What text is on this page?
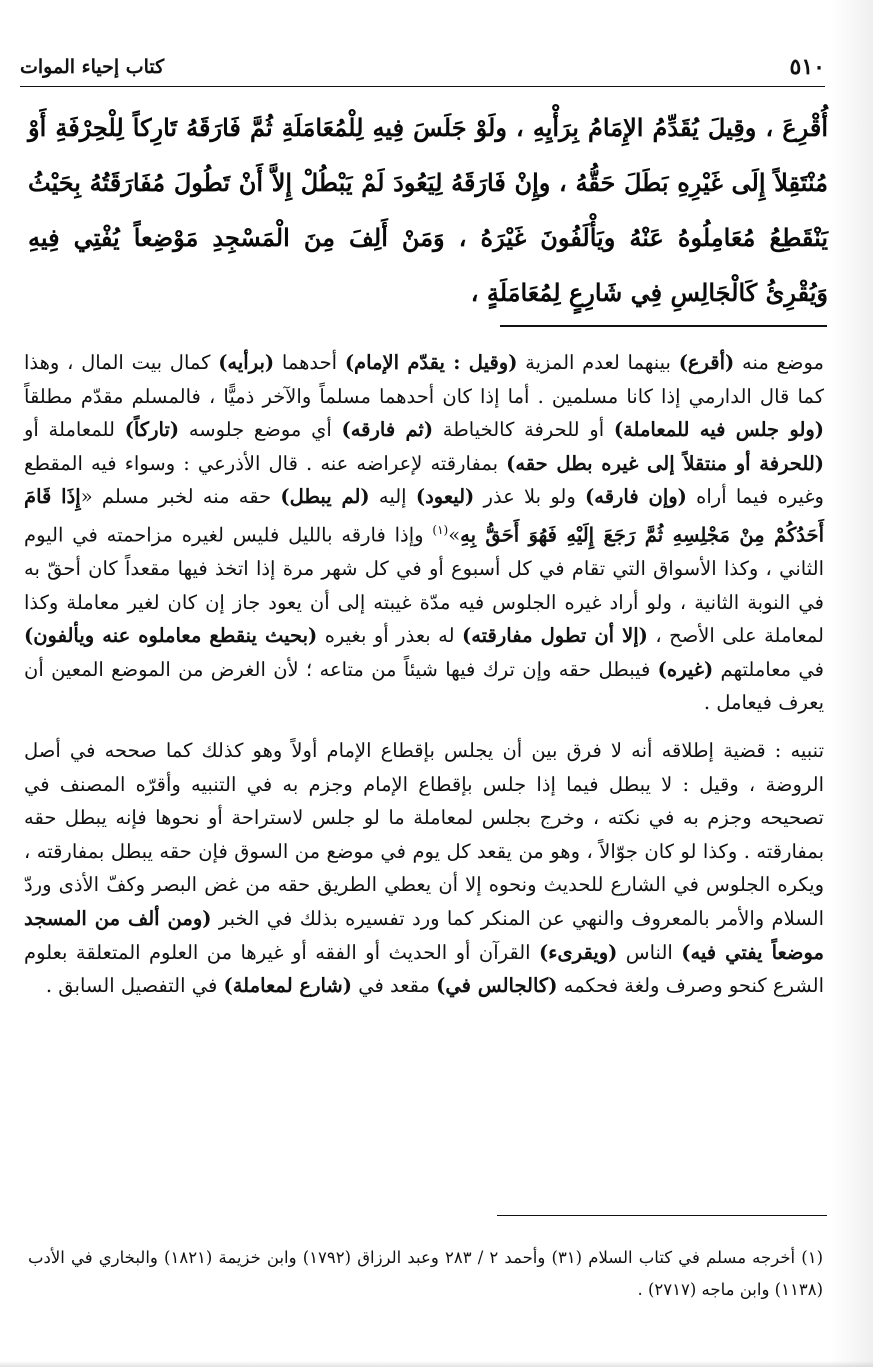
٥١٠
كتاب إحياء الموات

أُقْرِعَ ، وقِيلَ يُقَدِّمُ الإِمَامُ بِرَأْيِهِ ، ولَوْ جَلَسَ فِيهِ لِلْمُعَامَلَةِ ثُمَّ فَارَقَهُ تَارِكاً لِلْحِرْفَةِ أَوْ مُنْتَقِلاً إِلَى غَيْرِهِ بَطَلَ حَقُّهُ ، وإِنْ فَارَقَهُ لِيَعُودَ لَمْ يَبْطُلْ إِلاَّ أَنْ تَطُولَ مُفَارَقَتُهُ بِحَيْثُ يَنْقَطِعُ مُعَامِلُوهُ عَنْهُ ويَأْلَفُونَ غَيْرَهُ ، وَمَنْ أَلِفَ مِنَ الْمَسْجِدِ مَوْضِعاً يُفْتِي فِيهِ وَيُقْرِئُ كَالْجَالِسِ فِي شَارِعٍ لِمُعَامَلَةٍ ،

موضع منه (أقرع) بينهما لعدم المزية (وقيل : يقدّم الإمام) أحدهما (برأيه) كمال بيت المال ، وهذا كما قال الدارمي إذا كانا مسلمين . أما إذا كان أحدهما مسلماً والآخر ذميًّا ، فالمسلم مقدّم مطلقاً (ولو جلس فيه للمعاملة) أو للحرفة كالخياطة (ثم فارقه) أي موضع جلوسه (تاركاً) للمعاملة أو (للحرفة أو منتقلاً إلى غيره بطل حقه) بمفارقته لإعراضه عنه . قال الأذرعي : وسواء فيه المقطع وغيره فيما أراه (وإن فارقه) ولو بلا عذر (ليعود) إليه (لم يبطل) حقه منه لخبر مسلم «إِذَا قَامَ أَحَدُكُمْ مِنْ مَجْلِسِهِ ثُمَّ رَجَعَ إِلَيْهِ فَهُوَ أَحَقُّ بِهِ»$^{(١)}$ وإذا فارقه بالليل فليس لغيره مزاحمته في اليوم الثاني ، وكذا الأسواق التي تقام في كل أسبوع أو في كل شهر مرة إذا اتخذ فيها مقعداً كان أحقّ به في النوبة الثانية ، ولو أراد غيره الجلوس فيه مدّة غيبته إلى أن يعود جاز إن كان لغير معاملة وكذا لمعاملة على الأصح ، (إلا أن تطول مفارقته) له بعذر أو بغيره (بحيث ينقطع معاملوه عنه ويألفون) في معاملتهم (غيره) فيبطل حقه وإن ترك فيها شيئاً من متاعه ؛ لأن الغرض من الموضع المعين أن يعرف فيعامل .

تنبيه : قضية إطلاقه أنه لا فرق بين أن يجلس بإقطاع الإمام أولاً وهو كذلك كما صححه في أصل الروضة ، وقيل : لا يبطل فيما إذا جلس بإقطاع الإمام وجزم به في التنبيه وأقرّه المصنف في تصحيحه وجزم به في نكته ، وخرج بجلس لمعاملة ما لو جلس لاستراحة أو نحوها فإنه يبطل حقه بمفارقته . وكذا لو كان جوّالاً ، وهو من يقعد كل يوم في موضع من السوق فإن حقه يبطل بمفارقته ، ويكره الجلوس في الشارع للحديث ونحوه إلا أن يعطي الطريق حقه من غض البصر وكفّ الأذى وردّ السلام والأمر بالمعروف والنهي عن المنكر كما ورد تفسيره بذلك في الخبر (ومن ألف من المسجد موضعاً يفتي فيه) الناس (ويقرىء) القرآن أو الحديث أو الفقه أو غيرها من العلوم المتعلقة بعلوم الشرع كنحو وصرف ولغة فحكمه (كالجالس في) مقعد في (شارع لمعاملة) في التفصيل السابق .

(١) أخرجه مسلم في كتاب السلام (٣١) وأحمد ٢ / ٢٨٣ وعبد الرزاق (١٧٩٢) وابن خزيمة (١٨٢١) والبخاري في الأدب (١١٣٨) وابن ماجه (٢٧١٧) .
